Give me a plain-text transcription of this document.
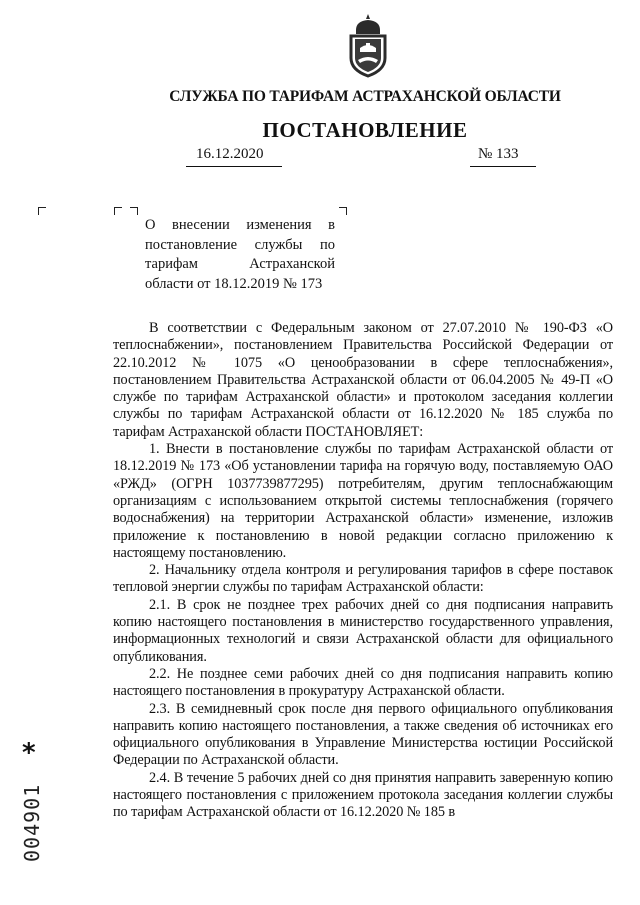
СЛУЖБА ПО ТАРИФАМ АСТРАХАНСКОЙ ОБЛАСТИ
ПОСТАНОВЛЕНИЕ
16.12.2020	№ 133
О внесении изменения в постановление службы по тарифам Астраханской области от 18.12.2019 № 173

В соответствии с Федеральным законом от 27.07.2010 № 190-ФЗ «О теплоснабжении», постановлением Правительства Российской Федерации от 22.10.2012 № 1075 «О ценообразовании в сфере теплоснабжения», постановлением Правительства Астраханской области от 06.04.2005 № 49-П «О службе по тарифам Астраханской области» и протоколом заседания коллегии службы по тарифам Астраханской области от 16.12.2020 № 185 служба по тарифам Астраханской области ПОСТАНОВЛЯЕТ:

1. Внести в постановление службы по тарифам Астраханской области от 18.12.2019 № 173 «Об установлении тарифа на горячую воду, поставляемую ОАО «РЖД» (ОГРН 1037739877295) потребителям, другим теплоснабжающим организациям с использованием открытой системы теплоснабжения (горячего водоснабжения) на территории Астраханской области» изменение, изложив приложение к постановлению в новой редакции согласно приложению к настоящему постановлению.

2. Начальнику отдела контроля и регулирования тарифов в сфере поставок тепловой энергии службы по тарифам Астраханской области:

2.1. В срок не позднее трех рабочих дней со дня подписания направить копию настоящего постановления в министерство государственного управления, информационных технологий и связи Астраханской области для официального опубликования.

2.2. Не позднее семи рабочих дней со дня подписания направить копию настоящего постановления в прокуратуру Астраханской области.

2.3. В семидневный срок после дня первого официального опубликования направить копию настоящего постановления, а также сведения об источниках его официального опубликования в Управление Министерства юстиции Российской Федерации по Астраханской области.

2.4. В течение 5 рабочих дней со дня принятия направить заверенную копию настоящего постановления с приложением протокола заседания коллегии службы по тарифам Астраханской области от 16.12.2020 № 185 в

*
004901
